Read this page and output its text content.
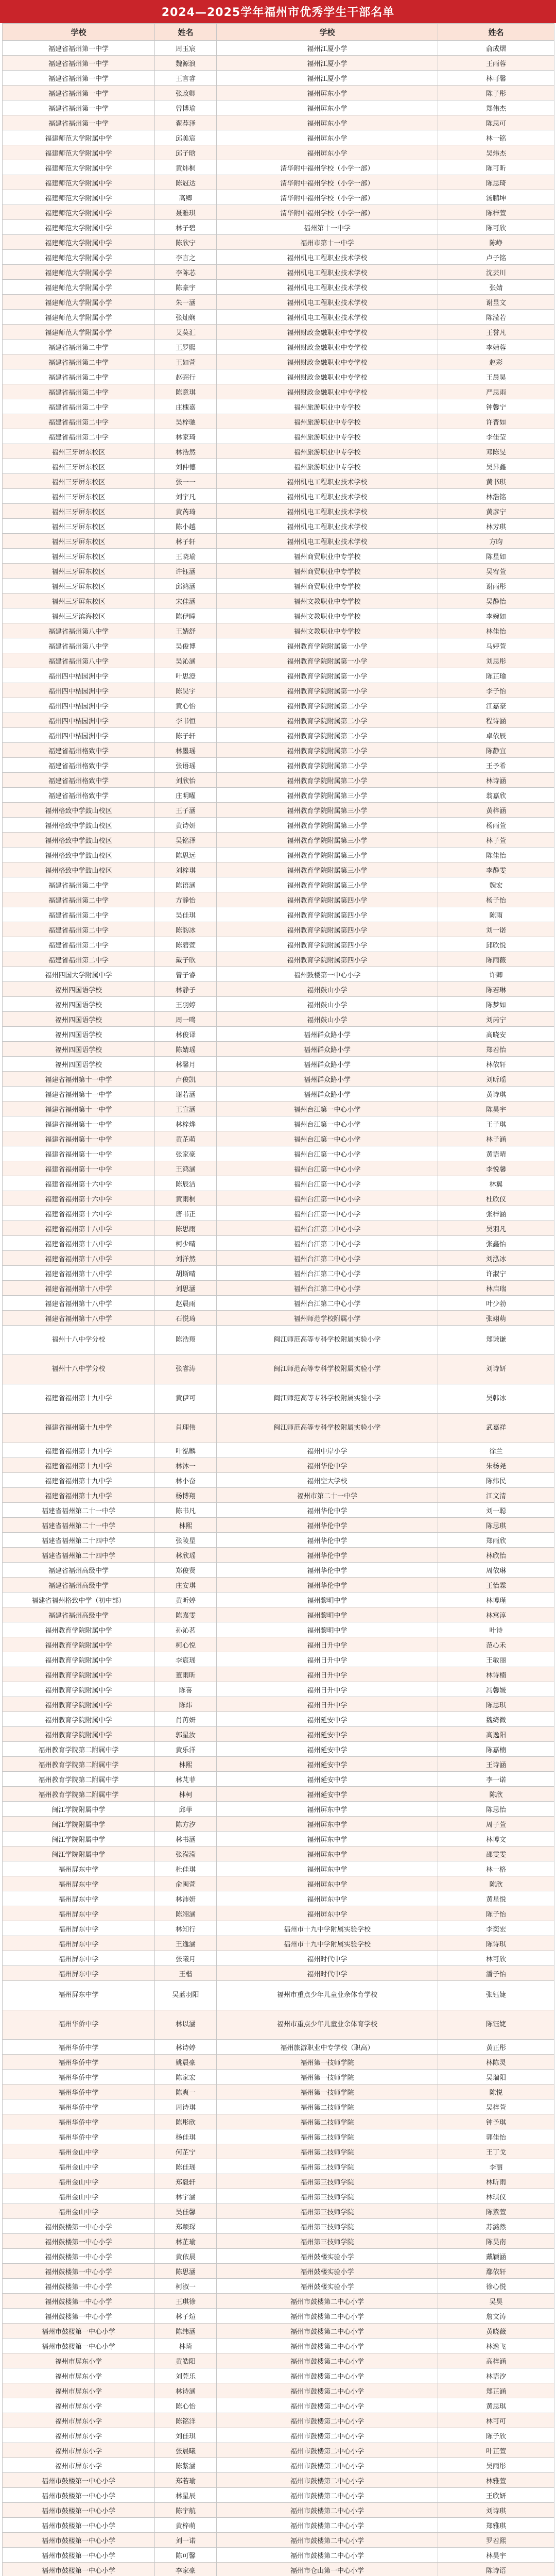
2024—2025学年福州市优秀学生干部名单
学校	姓名	学校	姓名
福建省福州第一中学	周玉宸	福州江厦小学	俞成熠
福建省福州第一中学	魏源浪	福州江厦小学	王雨蓉
福建省福州第一中学	王言睿	福州江厦小学	林可馨
福建省福州第一中学	张政卿	福州屏东小学	陈子彤
福建省福州第一中学	曾博瑜	福州屏东小学	郑伟杰
福建省福州第一中学	翟荐泽	福州屏东小学	陈思可
福建师范大学附属中学	邱美宸	福州屏东小学	林一铭
福建师范大学附属中学	邱子晗	福州屏东小学	吴炜杰
福建师范大学附属中学	黄炜桐	清华附中福州学校（小学一部）	陈可昕
福建师范大学附属中学	陈冠达	清华附中福州学校（小学一部）	陈思琦
福建师范大学附属中学	高卿	清华附中福州学校（小学一部）	汤鹏坤
福建师范大学附属中学	聂雅琪	清华附中福州学校（小学一部）	陈梓萱
福建师范大学附属中学	林子碧	福州第十一中学	陈可欣
福建师范大学附属中学	陈欣宁	福州市第十一中学	陈峥
福建师范大学附属小学	李言之	福州机电工程职业技术学校	卢子铭
福建师范大学附属小学	李陈芯	福州机电工程职业技术学校	沈芸川
福建师范大学附属小学	陈豪宇	福州机电工程职业技术学校	张婧
福建师范大学附属小学	朱一涵	福州机电工程职业技术学校	谢昱文
福建师范大学附属小学	张灿娴	福州机电工程职业技术学校	陈滢若
福建师范大学附属小学	艾莫汇	福州财政金融职业中专学校	王誉凡
福建省福州第二中学	王罗熙	福州财政金融职业中专学校	李婧蓉
福建省福州第二中学	王如萱	福州财政金融职业中专学校	赵彩
福建省福州第二中学	赵弼行	福州财政金融职业中专学校	王晨昊
福建省福州第二中学	陈意琪	福州财政金融职业中专学校	严思雨
福建省福州第二中学	庄槐嘉	福州旅游职业中专学校	钟馨宁
福建省福州第二中学	吴梓驰	福州旅游职业中专学校	许晋如
福建省福州第二中学	林家琦	福州旅游职业中专学校	李佳莹
福州三牙屏东校区	林浩然	福州旅游职业中专学校	邓陈旻
福州三牙屏东校区	刘仲德	福州旅游职业中专学校	吴昇鑫
福州三牙屏东校区	张一一	福州机电工程职业技术学校	黄书琪
福州三牙屏东校区	刘宇凡	福州机电工程职业技术学校	林浩铭
福州三牙屏东校区	黄芮琦	福州机电工程职业技术学校	黄彦宁
福州三牙屏东校区	陈小越	福州机电工程职业技术学校	林芳琪
福州三牙屏东校区	林子轩	福州机电工程职业技术学校	方昀
福州三牙屏东校区	王晓瑜	福州商贸职业中专学校	陈星如
福州三牙屏东校区	许钰涵	福州商贸职业中专学校	吴宥萱
福州三牙屏东校区	邱鸿涵	福州商贸职业中专学校	谢雨彤
福州三牙屏东校区	宋佳涵	福州文教职业中专学校	吴静怡
福州三牙滨海校区	陈伊曈	福州文教职业中专学校	李婉如
福建省福州第八中学	王婧舒	福州文教职业中专学校	林佳怡
福建省福州第八中学	吴俊博	福州教育学院附属第一小学	马婷萱
福建省福州第八中学	吴沁涵	福州教育学院附属第一小学	刘思彤
福州四中桔园洲中学	叶思澄	福州教育学院附属第一小学	陈芷瑜
福州四中桔园洲中学	陈昊宇	福州教育学院附属第一小学	李子怡
福州四中桔园洲中学	黄心怡	福州教育学院附属第二小学	江嘉豪
福州四中桔园洲中学	李书恒	福州教育学院附属第二小学	程诗涵
福州四中桔园洲中学	陈子轩	福州教育学院附属第二小学	卓依辰
福建省福州格致中学	林墨瑶	福州教育学院附属第二小学	陈静宜
福建省福州格致中学	张语瑶	福州教育学院附属第二小学	王予希
福建省福州格致中学	刘欣怡	福州教育学院附属第二小学	林诗涵
福建省福州格致中学	庄明曜	福州教育学院附属第三小学	翁嘉欣
福州格致中学鼓山校区	王子涵	福州教育学院附属第三小学	黄梓涵
福州格致中学鼓山校区	黄诗妍	福州教育学院附属第三小学	杨雨萱
福州格致中学鼓山校区	吴铭泽	福州教育学院附属第三小学	林子萱
福州格致中学鼓山校区	陈思远	福州教育学院附属第三小学	陈佳怡
福州格致中学鼓山校区	刘梓琪	福州教育学院附属第三小学	李静雯
福建省福州第二中学	陈语涵	福州教育学院附属第三小学	魏宏
福建省福州第二中学	方静怡	福州教育学院附属第四小学	杨子怡
福建省福州第二中学	吴佳琪	福州教育学院附属第四小学	陈雨
福建省福州第二中学	陈韵冰	福州教育学院附属第四小学	刘一诺
福建省福州第二中学	陈碧萱	福州教育学院附属第四小学	邱欣悦
福建省福州第二中学	戴子欣	福州教育学院附属第四小学	陈雨薇
福州四国大学附属中学	曾子睿	福州鼓楼第一中心小学	许卿
福州四国语学校	林静子	福州鼓山小学	陈若琳
福州四国语学校	王羽婷	福州鼓山小学	陈梦如
福州四国语学校	周一鸣	福州鼓山小学	刘芮宁
福州四国语学校	林俊译	福州群众路小学	高晓安
福州四国语学校	陈婧瑶	福州群众路小学	郑若怡
福州四国语学校	林馨月	福州群众路小学	林依轩
福建省福州第十一中学	卢俊凯	福州群众路小学	刘昕瑶
福建省福州第十一中学	谢若涵	福州群众路小学	黄诗琪
福建省福州第十一中学	王宣涵	福州台江第一中心小学	陈昊宇
福建省福州第十一中学	林梓烨	福州台江第一中心小学	王子琪
福建省福州第十一中学	黄芷萌	福州台江第一中心小学	林子涵
福建省福州第十一中学	张家豪	福州台江第一中心小学	黄语晴
福建省福州第十一中学	王鸿涵	福州台江第一中心小学	李悦馨
福建省福州第十六中学	陈辰洁	福州台江第一中心小学	林翼
福建省福州第十六中学	黄雨桐	福州台江第一中心小学	杜欣仪
福建省福州第十六中学	唐书正	福州台江第一中心小学	张梓涵
福建省福州第十八中学	陈思雨	福州台江第二中心小学	吴羽凡
福建省福州第十八中学	柯少晴	福州台江第二中心小学	张鑫怡
福建省福州第十八中学	刘洋然	福州台江第二中心小学	刘泓冰
福建省福州第十八中学	胡斯晴	福州台江第二中心小学	许淑宁
福建省福州第十八中学	刘思涵	福州台江第二中心小学	林启瑞
福建省福州第十八中学	赵晨雨	福州台江第二中心小学	叶少勃
福建省福州第十八中学	石悦琦	福州师范学校附属小学	张翊萌
福州十八中学分校	陈浩翔	闽江师范高等专科学校附属实验小学	郑谦谦
福州十八中学分校	张睿涛	闽江师范高等专科学校附属实验小学	刘诗妍
福建省福州第十九中学	黄伊可	闽江师范高等专科学校附属实验小学	吴韩冰
福建省福州第十九中学	肖理伟	闽江师范高等专科学校附属实验小学	武嘉祥
福建省福州第十九中学	叶泓麟	福州中岸小学	徐兰
福建省福州第十九中学	林沐一	福州华伦中学	朱杨尧
福建省福州第十九中学	林小奋	福州空大学校	陈炜民
福建省福州第十九中学	杨博翔	福州市第二十一中学	江文清
福建省福州第二十一中学	陈书凡	福州华伦中学	刘一聪
福建省福州第二十一中学	林熙	福州华伦中学	陈思琪
福建省福州第二十四中学	张陵星	福州华伦中学	郑雨欣
福建省福州第二十四中学	林欣瑶	福州华伦中学	林欣怡
福建省福州高级中学	郑俊贤	福州华伦中学	周依琳
福建省福州高级中学	庄安琪	福州华伦中学	王怡霖
福建省福州格致中学（初中部）	黄昕婷	福州黎明中学	林博瑾
福建省福州高级中学	陈嘉雯	福州黎明中学	林寓淳
福州教育学院附属中学	孙沁茗	福州黎明中学	叶诗
福州教育学院附属中学	柯心悦	福州日升中学	范心禾
福州教育学院附属中学	李宸瑶	福州日升中学	王敏丽
福州教育学院附属中学	董雨昕	福州日升中学	林诗楠
福州教育学院附属中学	陈喜	福州日升中学	冯馨媛
福州教育学院附属中学	陈炜	福州日升中学	陈思琪
福州教育学院附属中学	肖苒妍	福州延安中学	魏绮微
福州教育学院附属中学	郭星汝	福州延安中学	高逸阳
福州教育学院第二附属中学	黄乐洋	福州延安中学	陈嘉楠
福州教育学院第二附属中学	林熙	福州延安中学	王诗涵
福州教育学院第二附属中学	林芃菲	福州延安中学	李一诺
福州教育学院第二附属中学	林柯	福州延安中学	陈欣
闽江学院附属中学	邱菲	福州屏东中学	陈思怡
闽江学院附属中学	陈方汐	福州屏东中学	周子萱
闽江学院附属中学	林书涵	福州屏东中学	林博文
闽江学院附属中学	张滢滢	福州屏东中学	邵雯雯
福州屏东中学	杜佳琪	福州屏东中学	林一格
福州屏东中学	俞闽萱	福州屏东中学	陈欣
福州屏东中学	林沛妍	福州屏东中学	黄星悦
福州屏东中学	陈翊涵	福州屏东中学	陈子怡
福州屏东中学	林知行	福州市十九中学附属实验学校	李奕宏
福州屏东中学	王逸涵	福州市十九中学附属实验学校	陈诗琪
福州屏东中学	张曦月	福州时代中学	林可欣
福州屏东中学	王楷	福州时代中学	潘子怡
福州屏东中学	吴蓝羽阳	福州市重点少年儿童业余体育学校	张钰婕
福州华侨中学	林以涵	福州市重点少年儿童业余体育学校	陈钰婕
福州华侨中学	林诗婷	福州旅游职业中专学校（职高）	黄正彤
福州华侨中学	姚晨豪	福州第一技师学院	林陈灵
福州华侨中学	陈家宏	福州第一技师学院	吴瑞阳
福州华侨中学	陈爽一	福州第一技师学院	陈悦
福州华侨中学	周诗琪	福州第二技师学院	吴梓萱
福州华侨中学	陈彤欣	福州第二技师学院	钟予琪
福州华侨中学	杨佳琪	福州第二技师学院	郭佳怡
福州金山中学	何芷宁	福州第二技师学院	王丁戈
福州金山中学	陈佳瑶	福州第二技师学院	李丽
福州金山中学	郑毅轩	福州第三技师学院	林昕雨
福州金山中学	林宇涵	福州第三技师学院	林琪仪
福州金山中学	吴佳馨	福州第三技师学院	陈紫萱
福州鼓楼第一中心小学	郑颖琛	福州第三技师学院	苏潞然
福州鼓楼第一中心小学	林芷瑜	福州第三技师学院	陈昊南
福州鼓楼第一中心小学	黄依晨	福州鼓楼实验小学	戴颖涵
福州鼓楼第一中心小学	陈思涵	福州鼓楼实验小学	鄢依轩
福州鼓楼第一中心小学	柯淑一	福州鼓楼实验小学	徐心悦
福州鼓楼第一中心小学	王琪徐	福州市鼓楼第二中心小学	吴昊
福州鼓楼第一中心小学	林子煊	福州市鼓楼第二中心小学	詹文涛
福州市鼓楼第一中心小学	陈纬涵	福州市鼓楼第二中心小学	黄晓薇
福州市鼓楼第一中心小学	林琦	福州市鼓楼第二中心小学	林逸飞
福州市屏东小学	黄皓阳	福州市鼓楼第二中心小学	高梓涵
福州市屏东小学	刘莞乐	福州市鼓楼第二中心小学	林语汐
福州市屏东小学	林诗涵	福州市鼓楼第二中心小学	郑芷涵
福州市屏东小学	陈心怡	福州市鼓楼第二中心小学	黄思琪
福州市屏东小学	陈铭洋	福州市鼓楼第二中心小学	林可可
福州市屏东小学	刘佳琪	福州市鼓楼第二中心小学	陈子欣
福州市屏东小学	张晨曦	福州市鼓楼第二中心小学	叶芷萱
福州市屏东小学	陈紫涵	福州市鼓楼第二中心小学	吴雨彤
福州市鼓楼第一中心小学	郑若瑜	福州市鼓楼第二中心小学	林雅萱
福州市鼓楼第一中心小学	林星辰	福州市鼓楼第二中心小学	王欣妍
福州市鼓楼第一中心小学	陈宇航	福州市鼓楼第二中心小学	刘诗琪
福州市鼓楼第一中心小学	黄梓萌	福州市鼓楼第二中心小学	郑雅琪
福州市鼓楼第一中心小学	刘一诺	福州市鼓楼第二中心小学	罗若熙
福州市鼓楼第一中心小学	陈可馨	福州市鼓楼第二中心小学	林昊宇
福州市鼓楼第一中心小学	李家豪	福州市仓山第一中心小学	陈诗语
